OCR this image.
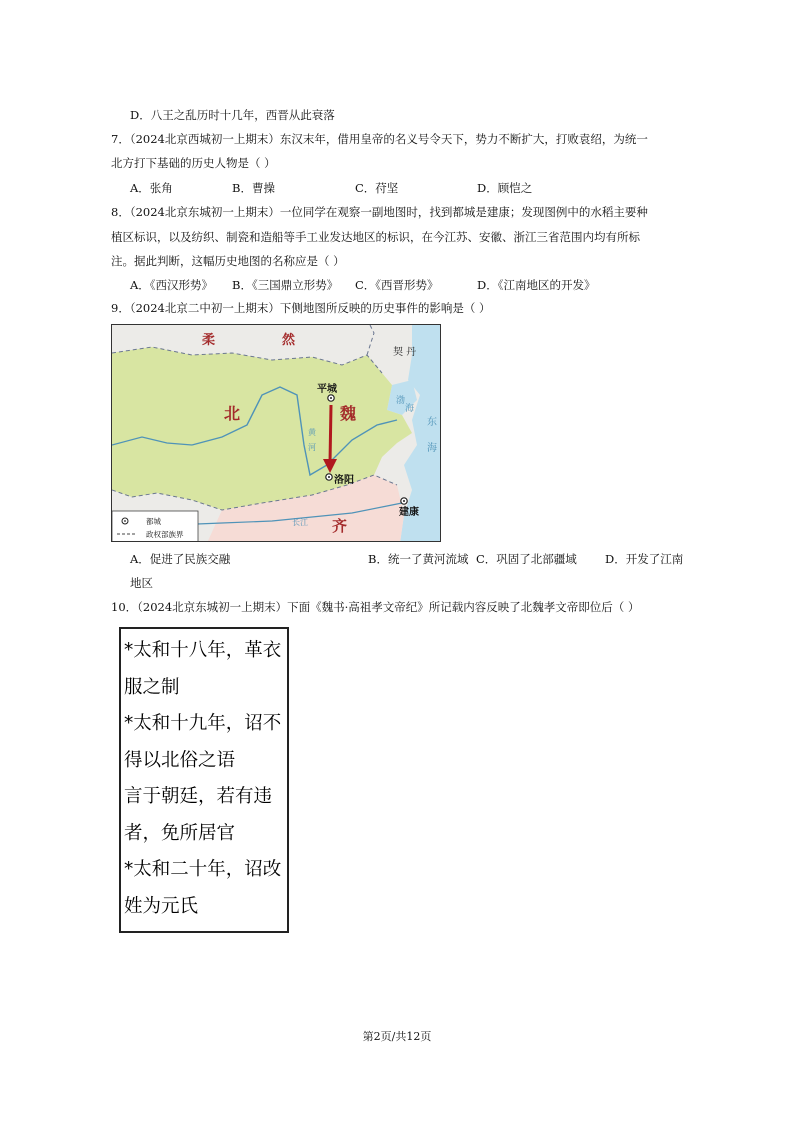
D．八王之乱历时十几年，西晋从此衰落
7．（2024北京西城初一上期末）东汉末年，借用皇帝的名义号令天下，势力不断扩大，打败袁绍，为统一
北方打下基础的历史人物是（ ）
A．张角	B．曹操	C．苻坚	D．顾恺之
8．（2024北京东城初一上期末）一位同学在观察一副地图时，找到都城是建康；发现图例中的水稻主要种
植区标识，以及纺织、制瓷和造船等手工业发达地区的标识，在今江苏、安徽、浙江三省范围内均有所标
注。据此判断，这幅历史地图的名称应是（ ）
A．《西汉形势》 B．《三国鼎立形势》 C．《西晋形势》	D．《江南地区的开发》
9．（2024北京二中初一上期末）下侧地图所反映的历史事件的影响是（ ）
柔	然
契 丹
北	魏
齐
平城
洛阳
建康
黄
河
渤
海
东
海
长江
都城
政权部族界
A．促进了民族交融	B．统一了黄河流域 C．巩固了北部疆域 D．开发了江南
地区
10．（2024北京东城初一上期末）下面《魏书·高祖孝文帝纪》所记载内容反映了北魏孝文帝即位后（ ）
*太和十八年，革衣
服之制
*太和十九年，诏不
得以北俗之语
言于朝廷，若有违
者，免所居官
*太和二十年，诏改
姓为元氏
第2页/共12页
